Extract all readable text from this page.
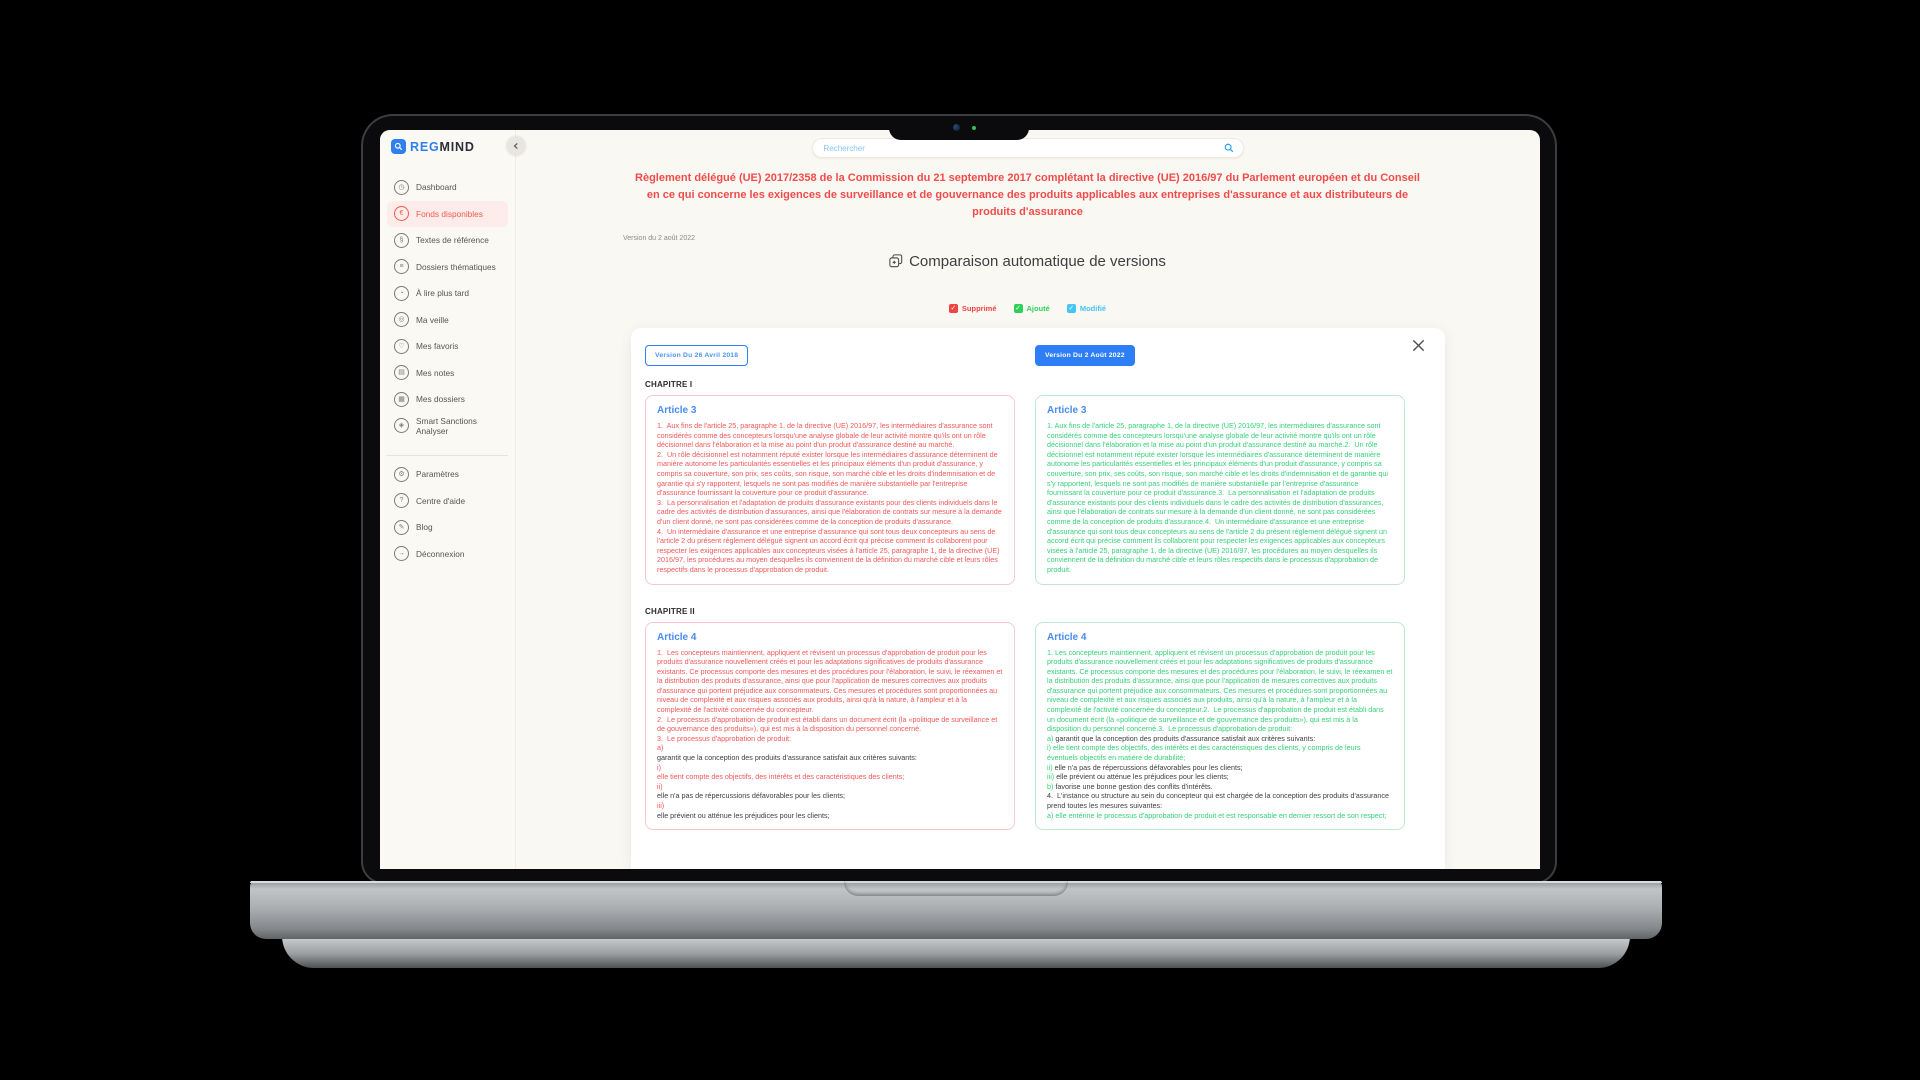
REGMIND
◷	Dashboard
€	Fonds disponibles
§	Textes de référence
≡	Dossiers thématiques
◔	À lire plus tard
◎	Ma veille
♡	Mes favoris
▤	Mes notes
▦	Mes dossiers
◈	Smart Sanctions Analyser
⚙	Paramètres
?	Centre d'aide
✎	Blog
→	Déconnexion
Rechercher
Règlement délégué (UE) 2017/2358 de la Commission du 21 septembre 2017 complétant la directive (UE) 2016/97 du Parlement européen et du Conseil en ce qui concerne les exigences de surveillance et de gouvernance des produits applicables aux entreprises d'assurance et aux distributeurs de produits d'assurance
Version du 2 août 2022
Comparaison automatique de versions
✓
Supprimé ✓	Ajouté ✓	Modifié
Version Du 26 Avril 2018	Version Du 2 Août 2022
CHAPITRE I
Article 3

1.  Aux fins de l'article 25, paragraphe 1, de la directive (UE) 2016/97, les intermédiaires d'assurance sont considérés comme des concepteurs lorsqu'une analyse globale de leur activité montre qu'ils ont un rôle décisionnel dans l'élaboration et la mise au point d'un produit d'assurance destiné au marché.

2.  Un rôle décisionnel est notamment réputé exister lorsque les intermédiaires d'assurance déterminent de manière autonome les particularités essentielles et les principaux éléments d'un produit d'assurance, y compris sa couverture, son prix, ses coûts, son risque, son marché cible et les droits d'indemnisation et de garantie qui s'y rapportent, lesquels ne sont pas modifiés de manière substantielle par l'entreprise d'assurance fournissant la couverture pour ce produit d'assurance.

3.  La personnalisation et l'adaptation de produits d'assurance existants pour des clients individuels dans le cadre des activités de distribution d'assurances, ainsi que l'élaboration de contrats sur mesure à la demande d'un client donné, ne sont pas considérées comme de la conception de produits d'assurance.

4.  Un intermédiaire d'assurance et une entreprise d'assurance qui sont tous deux concepteurs au sens de l'article 2 du présent règlement délégué signent un accord écrit qui précise comment ils collaborent pour respecter les exigences applicables aux concepteurs visées à l'article 25, paragraphe 1, de la directive (UE) 2016/97, les procédures au moyen desquelles ils conviennent de la définition du marché cible et leurs rôles respectifs dans le processus d'approbation de produit.

Article 3

1. Aux fins de l'article 25, paragraphe 1, de la directive (UE) 2016/97, les intermédiaires d'assurance sont considérés comme des concepteurs lorsqu'une analyse globale de leur activité montre qu'ils ont un rôle décisionnel dans l'élaboration et la mise au point d'un produit d'assurance destiné au marché.2.  Un rôle décisionnel est notamment réputé exister lorsque les intermédiaires d'assurance déterminent de manière autonome les particularités essentielles et les principaux éléments d'un produit d'assurance, y compris sa couverture, son prix, ses coûts, son risque, son marché cible et les droits d'indemnisation et de garantie qui s'y rapportent, lesquels ne sont pas modifiés de manière substantielle par l'entreprise d'assurance fournissant la couverture pour ce produit d'assurance.3.  La personnalisation et l'adaptation de produits d'assurance existants pour des clients individuels dans le cadre des activités de distribution d'assurances, ainsi que l'élaboration de contrats sur mesure à la demande d'un client donné, ne sont pas considérées comme de la conception de produits d'assurance.4.  Un intermédiaire d'assurance et une entreprise d'assurance qui sont tous deux concepteurs au sens de l'article 2 du présent règlement délégué signent un accord écrit qui précise comment ils collaborent pour respecter les exigences applicables aux concepteurs visées à l'article 25, paragraphe 1, de la directive (UE) 2016/97, les procédures au moyen desquelles ils conviennent de la définition du marché cible et leurs rôles respectifs dans le processus d'approbation de produit.

CHAPITRE II
Article 4

1.  Les concepteurs maintiennent, appliquent et révisent un processus d'approbation de produit pour les produits d'assurance nouvellement créés et pour les adaptations significatives de produits d'assurance existants. Ce processus comporte des mesures et des procédures pour l'élaboration, le suivi, le réexamen et la distribution des produits d'assurance, ainsi que pour l'application de mesures correctives aux produits d'assurance qui portent préjudice aux consommateurs. Ces mesures et procédures sont proportionnées au niveau de complexité et aux risques associés aux produits, ainsi qu'à la nature, à l'ampleur et à la complexité de l'activité concernée du concepteur.

2.  Le processus d'approbation de produit est établi dans un document écrit (la «politique de surveillance et de gouvernance des produits»), qui est mis à la disposition du personnel concerné.

3.  Le processus d'approbation de produit:

a)

garantit que la conception des produits d'assurance satisfait aux critères suivants:

i)

elle tient compte des objectifs, des intérêts et des caractéristiques des clients;

ii)

elle n'a pas de répercussions défavorables pour les clients;

iii)

elle prévient ou atténue les préjudices pour les clients;

Article 4

1. Les concepteurs maintiennent, appliquent et révisent un processus d'approbation de produit pour les produits d'assurance nouvellement créés et pour les adaptations significatives de produits d'assurance existants. Ce processus comporte des mesures et des procédures pour l'élaboration, le suivi, le réexamen et la distribution des produits d'assurance, ainsi que pour l'application de mesures correctives aux produits d'assurance qui portent préjudice aux consommateurs. Ces mesures et procédures sont proportionnées au niveau de complexité et aux risques associés aux produits, ainsi qu'à la nature, à l'ampleur et à la complexité de l'activité concernée du concepteur.2.  Le processus d'approbation de produit est établi dans un document écrit (la «politique de surveillance et de gouvernance des produits»), qui est mis à la disposition du personnel concerné.3.  Le processus d'approbation de produit:

a) garantit que la conception des produits d'assurance satisfait aux critères suivants:

i) elle tient compte des objectifs, des intérêts et des caractéristiques des clients, y compris de leurs éventuels objectifs en matière de durabilité;

ii) elle n'a pas de répercussions défavorables pour les clients;

iii) elle prévient ou atténue les préjudices pour les clients;

b) favorise une bonne gestion des conflits d'intérêts.

4.  L'instance ou structure au sein du concepteur qui est chargée de la conception des produits d'assurance prend toutes les mesures suivantes:

a) elle entérine le processus d'approbation de produit et est responsable en dernier ressort de son respect;
